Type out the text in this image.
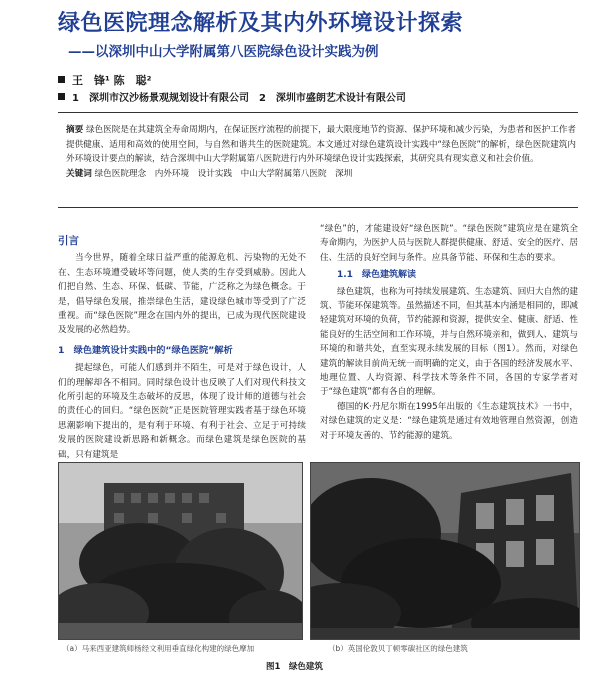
绿色医院理念解析及其内外环境设计探索
——以深圳中山大学附属第八医院绿色设计实践为例
王　锋¹ 陈　聪²
1　深圳市汉沙杨景观规划设计有限公司　2　深圳市盛朗艺术设计有限公司
摘要 绿色医院是在其建筑全寿命周期内，在保证医疗流程的前提下，最大限度地节约资源、保护环境和减少污染，为患者和医护工作者提供健康、适用和高效的使用空间，与自然和谐共生的医院建筑。本文通过对绿色建筑设计实践中“绿色医院”的解析，绿色医院建筑内外环境设计要点的解读，结合深圳中山大学附属第八医院进行内外环境绿色设计实践探索，其研究具有现实意义和社会价值。
关键词 绿色医院理念　内外环境　设计实践　中山大学附属第八医院　深圳
引言

当今世界，随着全球日益严重的能源危机、污染物的无处不在、生态环境遭受破坏等问题，使人类的生存受到威胁。因此人们把自然、生态、环保、低碳、节能，广泛称之为绿色概念。于是，倡导绿色发展，推崇绿色生活，建设绿色城市等受到了广泛重视。而“绿色医院”理念在国内外的提出，已成为现代医院建设及发展的必然趋势。

1　绿色建筑设计实践中的“绿色医院”解析

提起绿色，可能人们感到并不陌生，可是对于绿色设计，人们的理解却各不相同。同时绿色设计也反映了人们对现代科技文化所引起的环境及生态破坏的反思，体现了设计师的道德与社会的责任心的回归。“绿色医院”正是医院管理实践者基于绿色环境思潮影响下提出的，是有利于环境、有利于社会、立足于可持续发展的医院建设新思路和新概念。而绿色建筑是绿色医院的基础，只有建筑是

“绿色”的，才能建设好“绿色医院”。“绿色医院”建筑应是在建筑全寿命期内，为医护人员与医院人群提供健康、舒适、安全的医疗、居住、生活的良好空间与条件。应具备节能、环保和生态的要求。

1.1　绿色建筑解读

绿色建筑，也称为可持续发展建筑、生态建筑、回归大自然的建筑、节能环保建筑等。虽然描述不同，但其基本内涵是相同的，即减轻建筑对环境的负荷，节约能源和资源，提供安全、健康、舒适、性能良好的生活空间和工作环境，并与自然环境亲和，做到人、建筑与环境的和谐共处，直至实现永续发展的目标（图1）。然而，对绿色建筑的解读目前尚无统一而明确的定义，由于各国的经济发展水平、地理位置、人均资源、科学技术等条件不同，各国的专家学者对于“绿色建筑”都有各自的理解。

德国的K·丹尼尔斯在1995年出版的《生态建筑技术》一书中，对绿色建筑的定义是：“绿色建筑是通过有效地管理自然资源，创造对于环境友善的、节约能源的建筑。

（a）马来西亚建筑师杨经文利用垂直绿化构建的绿色摩加	（b）英国伦敦贝丁顿零碳社区的绿色建筑
图1　绿色建筑
